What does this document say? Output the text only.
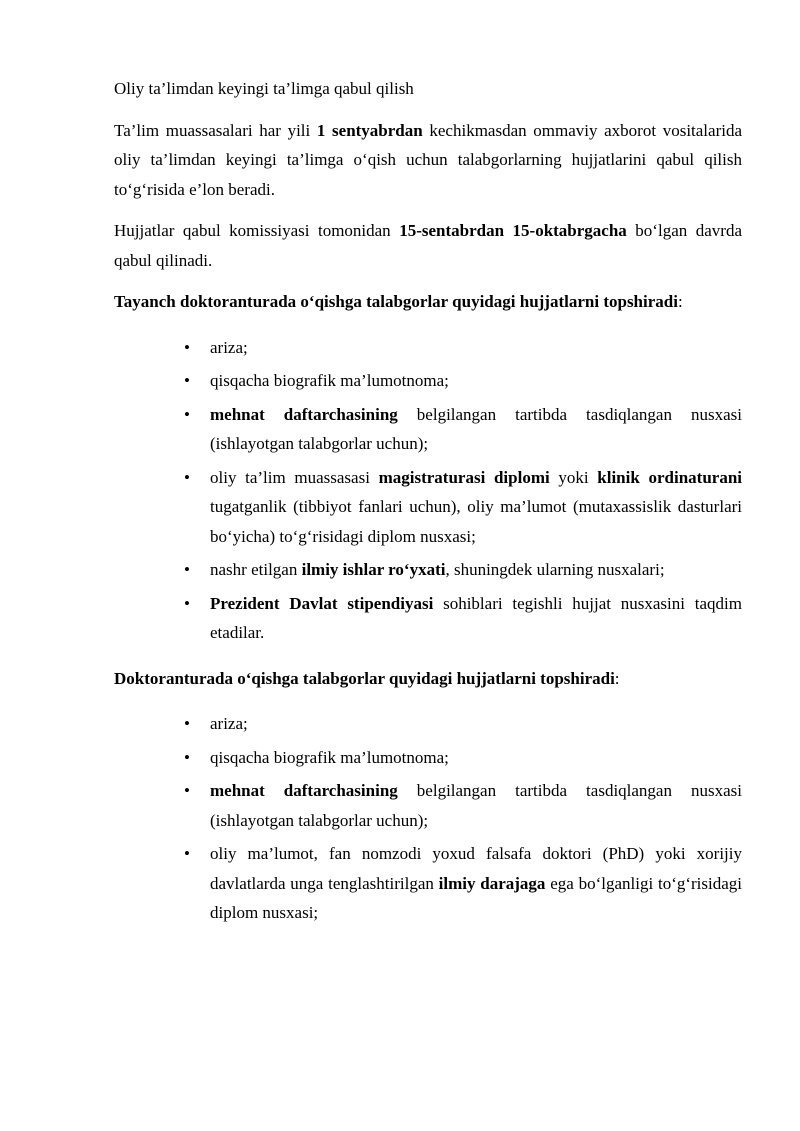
Oliy ta’limdan keyingi ta’limga qabul qilish

Ta’lim muassasalari har yili 1 sentyabrdan kechikmasdan ommaviy axborot vositalarida oliy ta’limdan keyingi ta’limga o‘qish uchun talabgorlarning hujjatlarini qabul qilish to‘g‘risida e’lon beradi.

Hujjatlar qabul komissiyasi tomonidan 15-sentabrdan 15-oktabrgacha bo‘lgan davrda qabul qilinadi.

Tayanch doktoranturada o‘qishga talabgorlar quyidagi hujjatlarni topshiradi:

• ariza;
• qisqacha biografik ma’lumotnoma;
• mehnat daftarchasining belgilangan tartibda tasdiqlangan nusxasi (ishlayotgan talabgorlar uchun);
• oliy ta’lim muassasasi magistraturasi diplomi yoki klinik ordinaturani tugatganlik (tibbiyot fanlari uchun), oliy ma’lumot (mutaxassislik dasturlari bo‘yicha) to‘g‘risidagi diplom nusxasi;
• nashr etilgan ilmiy ishlar ro‘yxati, shuningdek ularning nusxalari;
• Prezident Davlat stipendiyasi sohiblari tegishli hujjat nusxasini taqdim etadilar.

Doktoranturada o‘qishga talabgorlar quyidagi hujjatlarni topshiradi:

• ariza;
• qisqacha biografik ma’lumotnoma;
• mehnat daftarchasining belgilangan tartibda tasdiqlangan nusxasi (ishlayotgan talabgorlar uchun);
• oliy ma’lumot, fan nomzodi yoxud falsafa doktori (PhD) yoki xorijiy davlatlarda unga tenglashtirilgan ilmiy darajaga ega bo‘lganligi to‘g‘risidagi diplom nusxasi;
